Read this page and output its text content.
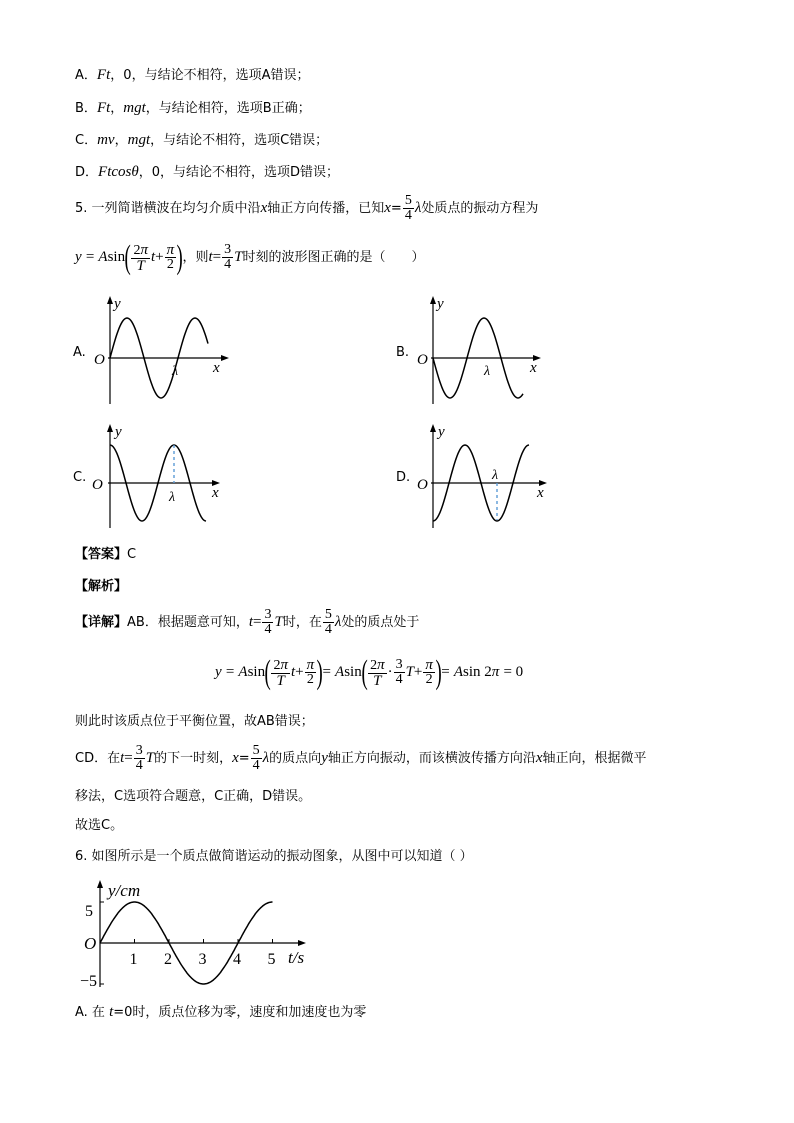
A．Ft，0，与结论不相符，选项A错误；
B．Ft，mgt，与结论相符，选项B正确；
C．mv，mgt，与结论不相符，选项C错误；
D．Ftcosθ，0，与结论不相符，选项D错误；
5. 一列简谐横波在均匀介质中沿x轴正方向传播，已知$x= \frac{5}{4}$ λ处质点的振动方程为
$y = Asin( \frac{2\pi}{T} t+ \frac{\pi}{2}$ )，则$t= \frac{3}{4}$ T时刻的波形图正确的是（　　）
A.	B.
C.	D.
y
O
λ x
y
O
λ	x
y
O
λ x
y
O
λ
x
【答案】C
【解析】
【详解】AB．根据题意可知，$t= \frac{3}{4}$ T时，在 $\frac{5}{4}$ λ处的质点处于
$y = Asin( \frac{2\pi}{T} t+ \frac{\pi}{2}$ )= $Asin( \frac{2\pi}{T} \cdot \frac{3}{4} T+ \frac{\pi}{2}$ )= Asin 2π = 0
则此时该质点位于平衡位置，故AB错误；
CD．在$t= \frac{3}{4}$ T的下一时刻，$x= \frac{5}{4}$ λ的质点向y轴正方向振动，而该横波传播方向沿x轴正向，根据微平
移法，C选项符合题意，C正确，D错误。
故选C。
6. 如图所示是一个质点做简谐运动的振动图象，从图中可以知道（ ）
1 2 3 4 5
y/cm
t/s
O
5
−5
A. 在 t=0时，质点位移为零，速度和加速度也为零
